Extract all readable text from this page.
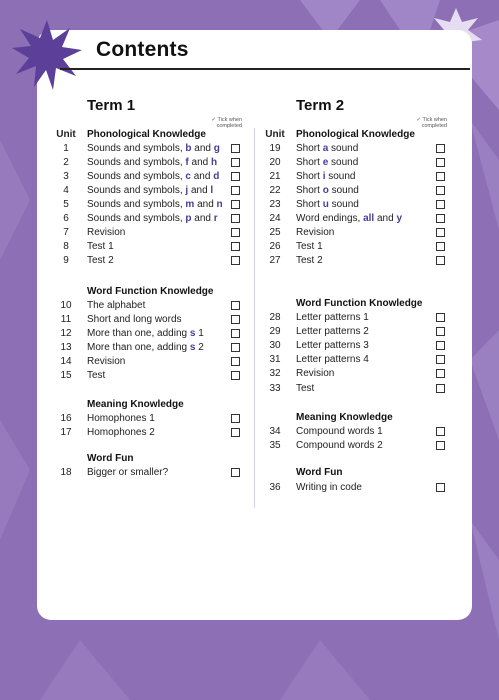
Contents
Term 1
✓ Tick when completed
Unit Phonological Knowledge
1	Sounds and symbols, b and g
2	Sounds and symbols, f and h
3	Sounds and symbols, c and d
4	Sounds and symbols, j and l
5	Sounds and symbols, m and n
6	Sounds and symbols, p and r
7	Revision
8	Test 1
9	Test 2
Word Function Knowledge
10	The alphabet
11	Short and long words
12	More than one, adding s 1
13	More than one, adding s 2
14	Revision
15	Test
Meaning Knowledge
16	Homophones 1
17	Homophones 2
Word Fun
18	Bigger or smaller?
Term 2
✓ Tick when completed
Unit Phonological Knowledge
19	Short a sound
20	Short e sound
21	Short i sound
22	Short o sound
23	Short u sound
24	Word endings, all and y
25	Revision
26	Test 1
27	Test 2
Word Function Knowledge
28	Letter patterns 1
29	Letter patterns 2
30	Letter patterns 3
31	Letter patterns 4
32	Revision
33	Test
Meaning Knowledge
34	Compound words 1
35	Compound words 2
Word Fun
36	Writing in code
